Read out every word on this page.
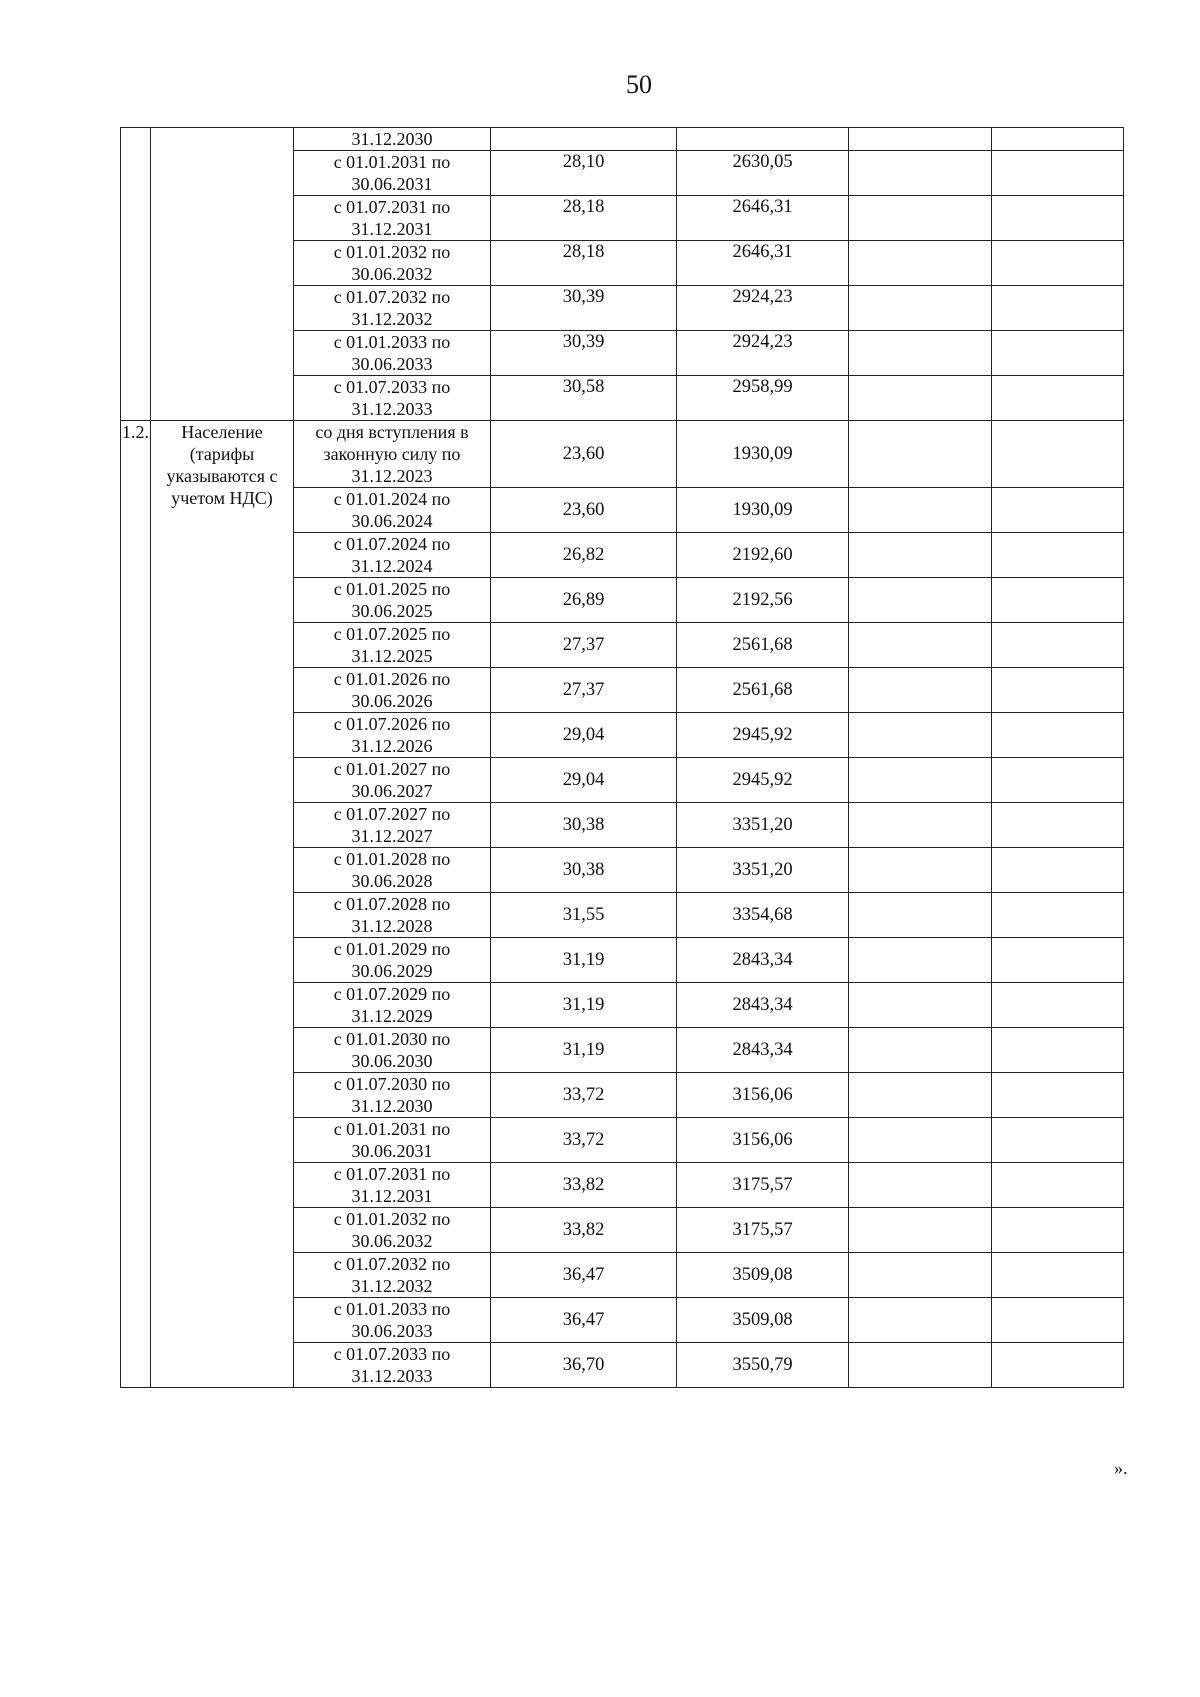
50
		31.12.2030				
		с 01.01.2031 по 30.06.2031	28,10	2630,05		
		с 01.07.2031 по 31.12.2031	28,18	2646,31		
		с 01.01.2032 по 30.06.2032	28,18	2646,31		
		с 01.07.2032 по 31.12.2032	30,39	2924,23		
		с 01.01.2033 по 30.06.2033	30,39	2924,23		
		с 01.07.2033 по 31.12.2033	30,58	2958,99		
1.2.	Население (тарифы указываются с учетом НДС)	со дня вступления в законную силу по 31.12.2023	23,60	1930,09		
		с 01.01.2024 по 30.06.2024	23,60	1930,09		
		с 01.07.2024 по 31.12.2024	26,82	2192,60		
		с 01.01.2025 по 30.06.2025	26,89	2192,56		
		с 01.07.2025 по 31.12.2025	27,37	2561,68		
		с 01.01.2026 по 30.06.2026	27,37	2561,68		
		с 01.07.2026 по 31.12.2026	29,04	2945,92		
		с 01.01.2027 по 30.06.2027	29,04	2945,92		
		с 01.07.2027 по 31.12.2027	30,38	3351,20		
		с 01.01.2028 по 30.06.2028	30,38	3351,20		
		с 01.07.2028 по 31.12.2028	31,55	3354,68		
		с 01.01.2029 по 30.06.2029	31,19	2843,34		
		с 01.07.2029 по 31.12.2029	31,19	2843,34		
		с 01.01.2030 по 30.06.2030	31,19	2843,34		
		с 01.07.2030 по 31.12.2030	33,72	3156,06		
		с 01.01.2031 по 30.06.2031	33,72	3156,06		
		с 01.07.2031 по 31.12.2031	33,82	3175,57		
		с 01.01.2032 по 30.06.2032	33,82	3175,57		
		с 01.07.2032 по 31.12.2032	36,47	3509,08		
		с 01.01.2033 по 30.06.2033	36,47	3509,08		
		с 01.07.2033 по 31.12.2033	36,70	3550,79		
».
